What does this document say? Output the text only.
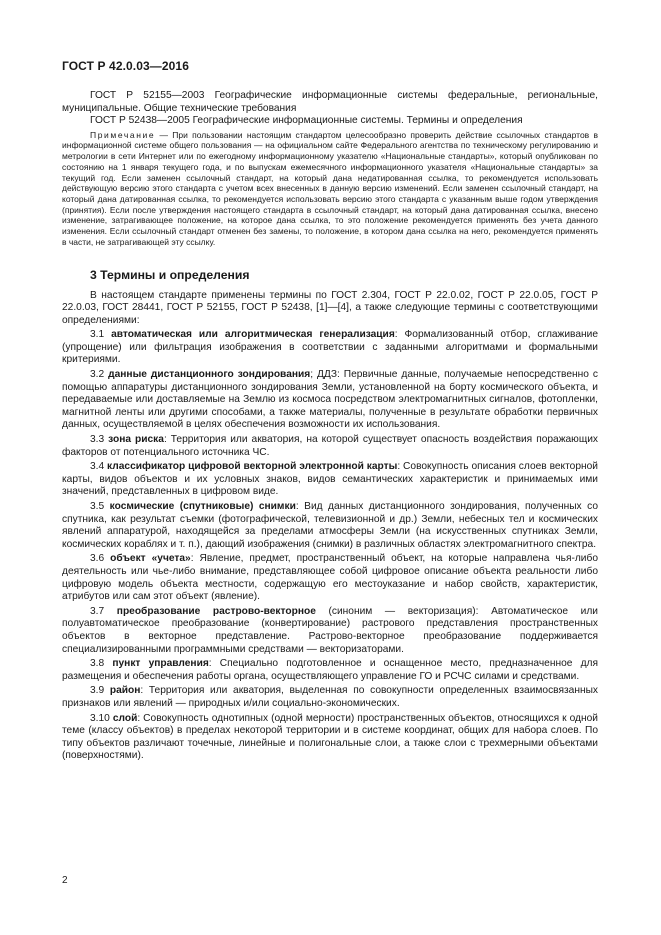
ГОСТ Р 42.0.03—2016

ГОСТ Р 52155—2003 Географические информационные системы федеральные, региональные, муниципальные. Общие технические требования

ГОСТ Р 52438—2005 Географические информационные системы. Термины и определения

Примечание — При пользовании настоящим стандартом целесообразно проверить действие ссылочных стандартов в информационной системе общего пользования — на официальном сайте Федерального агентства по техническому регулированию и метрологии в сети Интернет или по ежегодному информационному указателю «Национальные стандарты», который опубликован по состоянию на 1 января текущего года, и по выпускам ежемесячного информационного указателя «Национальные стандарты» за текущий год. Если заменен ссылочный стандарт, на который дана недатированная ссылка, то рекомендуется использовать действующую версию этого стандарта с учетом всех внесенных в данную версию изменений. Если заменен ссылочный стандарт, на который дана датированная ссылка, то рекомендуется использовать версию этого стандарта с указанным выше годом утверждения (принятия). Если после утверждения настоящего стандарта в ссылочный стандарт, на который дана датированная ссылка, внесено изменение, затрагивающее положение, на которое дана ссылка, то это положение рекомендуется применять без учета данного изменения. Если ссылочный стандарт отменен без замены, то положение, в котором дана ссылка на него, рекомендуется применять в части, не затрагивающей эту ссылку.

3 Термины и определения

В настоящем стандарте применены термины по ГОСТ 2.304, ГОСТ Р 22.0.02, ГОСТ Р 22.0.05, ГОСТ Р 22.0.03, ГОСТ 28441, ГОСТ Р 52155, ГОСТ Р 52438, [1]—[4], а также следующие термины с соответствующими определениями:

3.1 автоматическая или алгоритмическая генерализация: Формализованный отбор, сглаживание (упрощение) или фильтрация изображения в соответствии с заданными алгоритмами и формальными критериями.

3.2 данные дистанционного зондирования; ДДЗ: Первичные данные, получаемые непосредственно с помощью аппаратуры дистанционного зондирования Земли, установленной на борту космического объекта, и передаваемые или доставляемые на Землю из космоса посредством электромагнитных сигналов, фотопленки, магнитной ленты или другими способами, а также материалы, полученные в результате обработки первичных данных, осуществляемой в целях обеспечения возможности их использования.

3.3 зона риска: Территория или акватория, на которой существует опасность воздействия поражающих факторов от потенциального источника ЧС.

3.4 классификатор цифровой векторной электронной карты: Совокупность описания слоев векторной карты, видов объектов и их условных знаков, видов семантических характеристик и принимаемых ими значений, представленных в цифровом виде.

3.5 космические (спутниковые) снимки: Вид данных дистанционного зондирования, полученных со спутника, как результат съемки (фотографической, телевизионной и др.) Земли, небесных тел и космических явлений аппаратурой, находящейся за пределами атмосферы Земли (на искусственных спутниках Земли, космических кораблях и т. п.), дающий изображения (снимки) в различных областях электромагнитного спектра.

3.6 объект «учета»: Явление, предмет, пространственный объект, на которые направлена чья-либо деятельность или чье-либо внимание, представляющее собой цифровое описание объекта реальности либо цифровую модель объекта местности, содержащую его местоуказание и набор свойств, характеристик, атрибутов или сам этот объект (явление).

3.7 преобразование растрово-векторное (синоним — векторизация): Автоматическое или полуавтоматическое преобразование (конвертирование) растрового представления пространственных объектов в векторное представление. Растрово-векторное преобразование поддерживается специализированными программными средствами — векторизаторами.

3.8 пункт управления: Специально подготовленное и оснащенное место, предназначенное для размещения и обеспечения работы органа, осуществляющего управление ГО и РСЧС силами и средствами.

3.9 район: Территория или акватория, выделенная по совокупности определенных взаимосвязанных признаков или явлений — природных и/или социально-экономических.

3.10 слой: Совокупность однотипных (одной мерности) пространственных объектов, относящихся к одной теме (классу объектов) в пределах некоторой территории и в системе координат, общих для набора слоев. По типу объектов различают точечные, линейные и полигональные слои, а также слои с трехмерными объектами (поверхностями).

2
